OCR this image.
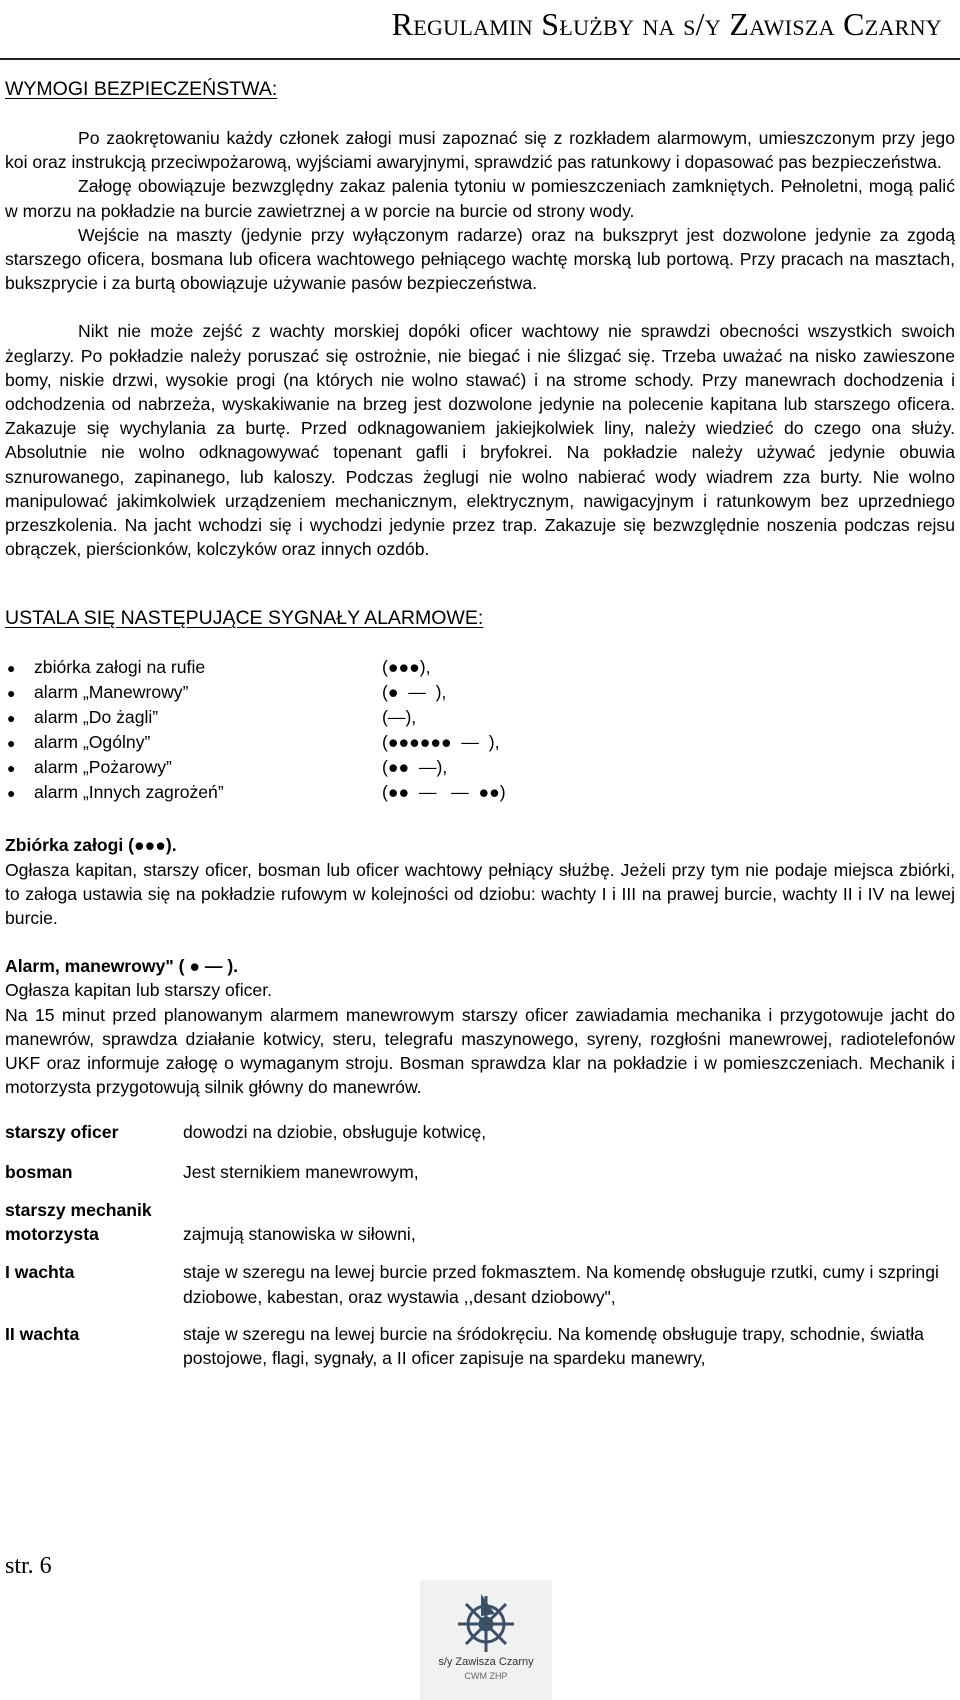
Regulamin Służby na s/y Zawisza Czarny
WYMOGI BEZPIECZEŃSTWA:

Po zaokrętowaniu każdy członek załogi musi zapoznać się z rozkładem alarmowym, umieszczonym przy jego koi oraz instrukcją przeciwpożarową, wyjściami awaryjnymi, sprawdzić pas ratunkowy i dopasować pas bezpieczeństwa.

Załogę obowiązuje bezwzględny zakaz palenia tytoniu w pomieszczeniach zamkniętych. Pełnoletni, mogą palić w morzu na pokładzie na burcie zawietrznej a w porcie na burcie od strony wody.

Wejście na maszty (jedynie przy wyłączonym radarze) oraz na bukszpryt jest dozwolone jedynie za zgodą starszego oficera, bosmana lub oficera wachtowego pełniącego wachtę morską lub portową. Przy pracach na masztach, bukszprycie i za burtą obowiązuje używanie pasów bezpieczeństwa.

Nikt nie może zejść z wachty morskiej dopóki oficer wachtowy nie sprawdzi obecności wszystkich swoich żeglarzy. Po pokładzie należy poruszać się ostrożnie, nie biegać i nie ślizgać się. Trzeba uważać na nisko zawieszone bomy, niskie drzwi, wysokie progi (na których nie wolno stawać) i na strome schody. Przy manewrach dochodzenia i odchodzenia od nabrzeża, wyskakiwanie na brzeg jest dozwolone jedynie na polecenie kapitana lub starszego oficera. Zakazuje się wychylania za burtę. Przed odknagowaniem jakiejkolwiek liny, należy wiedzieć do czego ona służy. Absolutnie nie wolno odknagowywać topenant gafli i bryfokrei. Na pokładzie należy używać jedynie obuwia sznurowanego, zapinanego, lub kaloszy. Podczas żeglugi nie wolno nabierać wody wiadrem zza burty. Nie wolno manipulować jakimkolwiek urządzeniem mechanicznym, elektrycznym, nawigacyjnym i ratunkowym bez uprzedniego przeszkolenia. Na jacht wchodzi się i wychodzi jedynie przez trap. Zakazuje się bezwzględnie noszenia podczas rejsu obrączek, pierścionków, kolczyków oraz innych ozdób.

USTALA SIĘ NASTĘPUJĄCE SYGNAŁY ALARMOWE:
●	zbiórka załogi na rufie	(●●●),
●	alarm „Manewrowy”	(●  —  ),
●	alarm „Do żagli”	(—),
●	alarm „Ogólny”	(●●●●●●  —  ),
●	alarm „Pożarowy”	(●●  —),
●	alarm „Innych zagrożeń”	(●●  —   —  ●●)

Zbiórka załogi (●●●).

Ogłasza kapitan, starszy oficer, bosman lub oficer wachtowy pełniący służbę. Jeżeli przy tym nie podaje miejsca zbiórki, to załoga ustawia się na pokładzie rufowym w kolejności od dziobu: wachty I i III na prawej burcie, wachty II i IV na lewej burcie.

Alarm, manewrowy" ( ● — ).

Ogłasza kapitan lub starszy oficer.

Na 15 minut przed planowanym alarmem manewrowym starszy oficer zawiadamia mechanika i przygotowuje jacht do manewrów, sprawdza działanie kotwicy, steru, telegrafu maszynowego, syreny, rozgłośni manewrowej, radiotelefonów UKF oraz informuje załogę o wymaganym stroju. Bosman sprawdza klar na pokładzie i w pomieszczeniach. Mechanik i motorzysta przygotowują silnik główny do manewrów.

starszy oficer	dowodzi na dziobie, obsługuje kotwicę,
bosman	Jest sternikiem manewrowym,
starszy mechanik
motorzysta	zajmują stanowiska w siłowni,
I wachta	staje w szeregu na lewej burcie przed fokmasztem. Na komendę obsługuje rzutki, cumy i szpringi dziobowe, kabestan, oraz wystawia ,,desant dziobowy",
II wachta	staje w szeregu na lewej burcie na śródokręciu. Na komendę obsługuje trapy, schodnie, światła postojowe, flagi, sygnały, a II oficer zapisuje na spardeku manewry,
str. 6
s/y Zawisza Czarny
CWM ZHP
